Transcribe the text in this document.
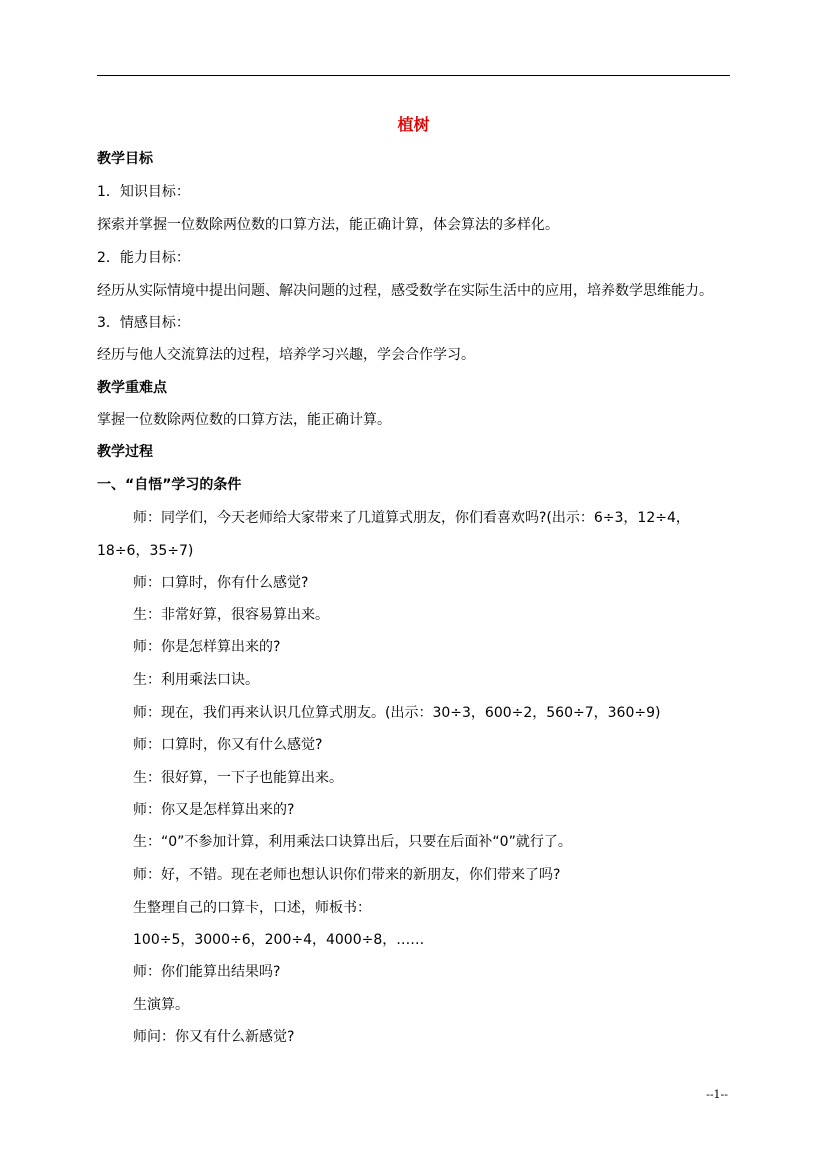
植树
教学目标
1．知识目标：
探索并掌握一位数除两位数的口算方法，能正确计算，体会算法的多样化。
2．能力目标：
经历从实际情境中提出问题、解决问题的过程，感受数学在实际生活中的应用，培养数学思维能力。
3．情感目标：
经历与他人交流算法的过程，培养学习兴趣，学会合作学习。
教学重难点
掌握一位数除两位数的口算方法，能正确计算。
教学过程
一、“自悟”学习的条件
师：同学们，今天老师给大家带来了几道算式朋友，你们看喜欢吗?(出示：6÷3，12÷4，
18÷6，35÷7)
师：口算时，你有什么感觉?
生：非常好算，很容易算出来。
师：你是怎样算出来的?
生：利用乘法口诀。
师：现在，我们再来认识几位算式朋友。(出示：30÷3，600÷2，560÷7，360÷9)
师：口算时，你又有什么感觉?
生：很好算，一下子也能算出来。
师：你又是怎样算出来的?
生：“0”不参加计算，利用乘法口诀算出后，只要在后面补“0”就行了。
师：好，不错。现在老师也想认识你们带来的新朋友，你们带来了吗?
生整理自己的口算卡，口述，师板书：
100÷5，3000÷6，200÷4，4000÷8，……
师：你们能算出结果吗?
生演算。
师问：你又有什么新感觉?
--1--
